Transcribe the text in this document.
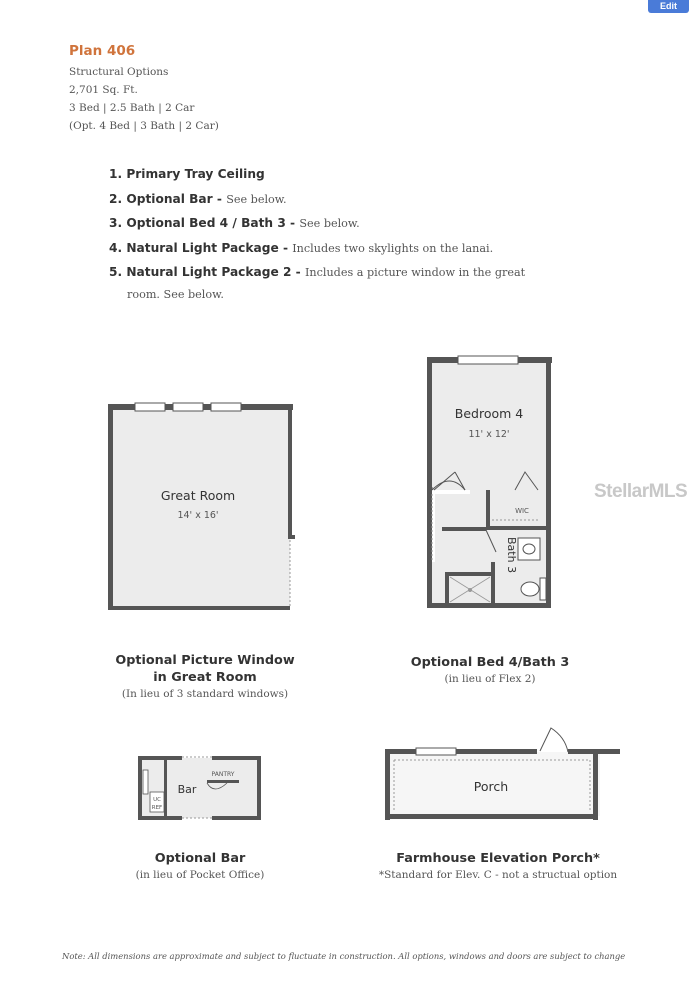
Edit
Plan 406
Structural Options
2,701 Sq. Ft.
3 Bed | 2.5 Bath | 2 Car
(Opt. 4 Bed | 3 Bath | 2 Car)
1. Primary Tray Ceiling
2. Optional Bar - See below.
3. Optional Bed 4 / Bath 3 - See below.
4. Natural Light Package - Includes two skylights on the lanai.
5. Natural Light Package 2 - Includes a picture window in the great
room. See below.
Great Room
14' x 16'	WIC
Bedroom 4
11' x 12'
Bath 3
Bar
PANTRY
UC
REF
Porch
Optional Picture Window
in Great Room
(In lieu of 3 standard windows)
Optional Bed 4/Bath 3
(in lieu of Flex 2)
Optional Bar
(in lieu of Pocket Office)
Farmhouse Elevation Porch*
*Standard for Elev. C - not a structual option
StellarMLS
Note: All dimensions are approximate and subject to fluctuate in construction. All options, windows and doors are subject to change
